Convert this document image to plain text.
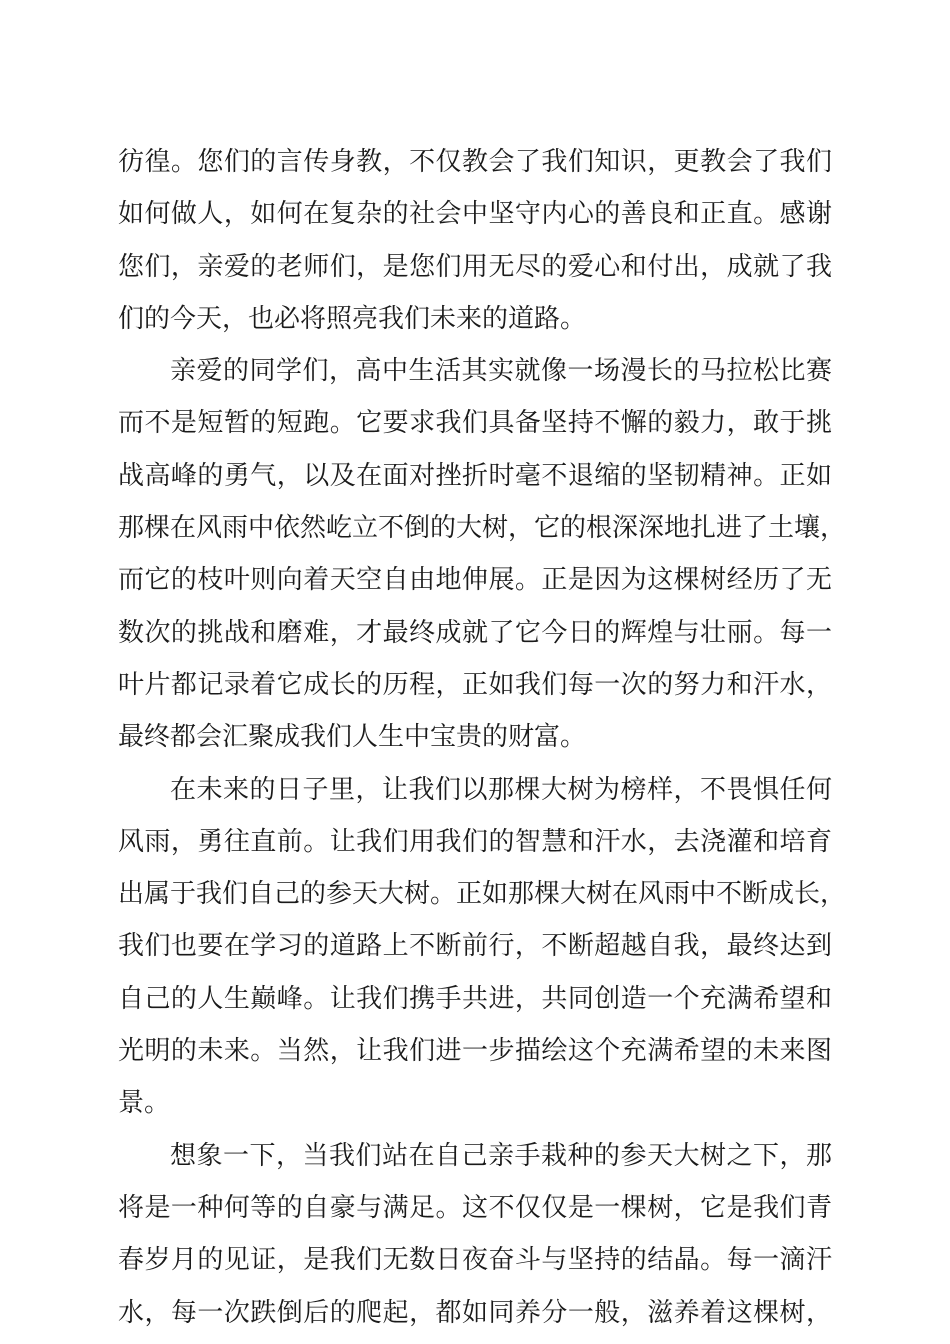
彷徨。您们的言传身教，不仅教会了我们知识，更教会了我们
如何做人，如何在复杂的社会中坚守内心的善良和正直。感谢
您们，亲爱的老师们，是您们用无尽的爱心和付出，成就了我
们的今天，也必将照亮我们未来的道路。

亲爱的同学们，高中生活其实就像一场漫长的马拉松比赛
而不是短暂的短跑。它要求我们具备坚持不懈的毅力，敢于挑
战高峰的勇气，以及在面对挫折时毫不退缩的坚韧精神。正如
那棵在风雨中依然屹立不倒的大树，它的根深深地扎进了土壤，
而它的枝叶则向着天空自由地伸展。正是因为这棵树经历了无
数次的挑战和磨难，才最终成就了它今日的辉煌与壮丽。每一
叶片都记录着它成长的历程，正如我们每一次的努力和汗水，
最终都会汇聚成我们人生中宝贵的财富。

在未来的日子里，让我们以那棵大树为榜样，不畏惧任何
风雨，勇往直前。让我们用我们的智慧和汗水，去浇灌和培育
出属于我们自己的参天大树。正如那棵大树在风雨中不断成长，
我们也要在学习的道路上不断前行，不断超越自我，最终达到
自己的人生巅峰。让我们携手共进，共同创造一个充满希望和
光明的未来。当然，让我们进一步描绘这个充满希望的未来图
景。

想象一下，当我们站在自己亲手栽种的参天大树之下，那
将是一种何等的自豪与满足。这不仅仅是一棵树，它是我们青
春岁月的见证，是我们无数日夜奋斗与坚持的结晶。每一滴汗
水，每一次跌倒后的爬起，都如同养分一般，滋养着这棵树，
